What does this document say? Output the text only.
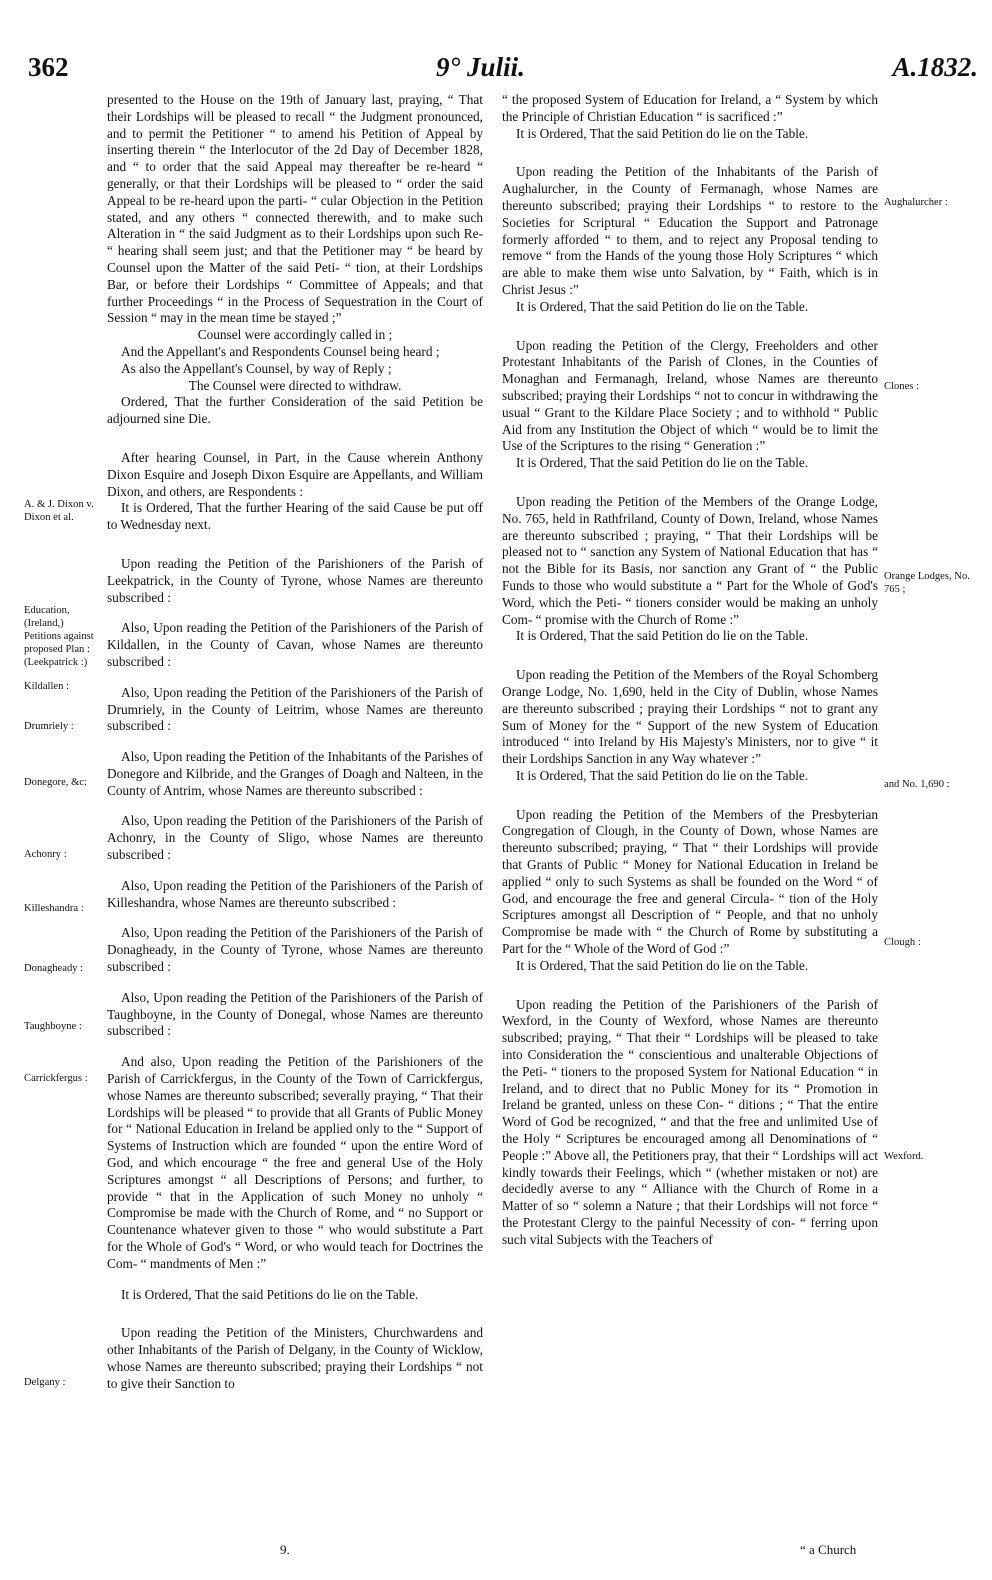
362	9° Julii.	A.1832.

presented to the House on the 19th of January last, praying, “ That their Lordships will be pleased to recall “ the Judgment pronounced, and to permit the Petitioner “ to amend his Petition of Appeal by inserting therein “ the Interlocutor of the 2d Day of December 1828, and “ to order that the said Appeal may thereafter be re-heard “ generally, or that their Lordships will be pleased to “ order the said Appeal to be re-heard upon the parti- “ cular Objection in the Petition stated, and any others “ connected therewith, and to make such Alteration in “ the said Judgment as to their Lordships upon such Re- “ hearing shall seem just; and that the Petitioner may “ be heard by Counsel upon the Matter of the said Peti- “ tion, at their Lordships Bar, or before their Lordships “ Committee of Appeals; and that further Proceedings “ in the Process of Sequestration in the Court of Session “ may in the mean time be stayed ;”

Counsel were accordingly called in ;

And the Appellant's and Respondents Counsel being heard ;

As also the Appellant's Counsel, by way of Reply ;

The Counsel were directed to withdraw.

Ordered, That the further Consideration of the said Petition be adjourned sine Die.

After hearing Counsel, in Part, in the Cause wherein Anthony Dixon Esquire and Joseph Dixon Esquire are Appellants, and William Dixon, and others, are Respondents :

It is Ordered, That the further Hearing of the said Cause be put off to Wednesday next.

Upon reading the Petition of the Parishioners of the Parish of Leekpatrick, in the County of Tyrone, whose Names are thereunto subscribed :

Also, Upon reading the Petition of the Parishioners of the Parish of Kildallen, in the County of Cavan, whose Names are thereunto subscribed :

Also, Upon reading the Petition of the Parishioners of the Parish of Drumriely, in the County of Leitrim, whose Names are thereunto subscribed :

Also, Upon reading the Petition of the Inhabitants of the Parishes of Donegore and Kilbride, and the Granges of Doagh and Nalteen, in the County of Antrim, whose Names are thereunto subscribed :

Also, Upon reading the Petition of the Parishioners of the Parish of Achonry, in the County of Sligo, whose Names are thereunto subscribed :

Also, Upon reading the Petition of the Parishioners of the Parish of Killeshandra, whose Names are thereunto subscribed :

Also, Upon reading the Petition of the Parishioners of the Parish of Donagheady, in the County of Tyrone, whose Names are thereunto subscribed :

Also, Upon reading the Petition of the Parishioners of the Parish of Taughboyne, in the County of Donegal, whose Names are thereunto subscribed :

And also, Upon reading the Petition of the Parishioners of the Parish of Carrickfergus, in the County of the Town of Carrickfergus, whose Names are thereunto subscribed; severally praying, “ That their Lordships will be pleased “ to provide that all Grants of Public Money for “ National Education in Ireland be applied only to the “ Support of Systems of Instruction which are founded “ upon the entire Word of God, and which encourage “ the free and general Use of the Holy Scriptures amongst “ all Descriptions of Persons; and further, to provide “ that in the Application of such Money no unholy “ Compromise be made with the Church of Rome, and “ no Support or Countenance whatever given to those “ who would substitute a Part for the Whole of God's “ Word, or who would teach for Doctrines the Com- “ mandments of Men :”

It is Ordered, That the said Petitions do lie on the Table.

Upon reading the Petition of the Ministers, Churchwardens and other Inhabitants of the Parish of Delgany, in the County of Wicklow, whose Names are thereunto subscribed; praying their Lordships “ not to give their Sanction to

“ the proposed System of Education for Ireland, a “ System by which the Principle of Christian Education “ is sacrificed :”

It is Ordered, That the said Petition do lie on the Table.

Upon reading the Petition of the Inhabitants of the Parish of Aughalurcher, in the County of Fermanagh, whose Names are thereunto subscribed; praying their Lordships “ to restore to the Societies for Scriptural “ Education the Support and Patronage formerly afforded “ to them, and to reject any Proposal tending to remove “ from the Hands of the young those Holy Scriptures “ which are able to make them wise unto Salvation, by “ Faith, which is in Christ Jesus :”

It is Ordered, That the said Petition do lie on the Table.

Upon reading the Petition of the Clergy, Freeholders and other Protestant Inhabitants of the Parish of Clones, in the Counties of Monaghan and Fermanagh, Ireland, whose Names are thereunto subscribed; praying their Lordships “ not to concur in withdrawing the usual “ Grant to the Kildare Place Society ; and to withhold “ Public Aid from any Institution the Object of which “ would be to limit the Use of the Scriptures to the rising “ Generation :”

It is Ordered, That the said Petition do lie on the Table.

Upon reading the Petition of the Members of the Orange Lodge, No. 765, held in Rathfriland, County of Down, Ireland, whose Names are thereunto subscribed ; praying, “ That their Lordships will be pleased not to “ sanction any System of National Education that has “ not the Bible for its Basis, nor sanction any Grant of “ the Public Funds to those who would substitute a “ Part for the Whole of God's Word, which the Peti- “ tioners consider would be making an unholy Com- “ promise with the Church of Rome :”

It is Ordered, That the said Petition do lie on the Table.

Upon reading the Petition of the Members of the Royal Schomberg Orange Lodge, No. 1,690, held in the City of Dublin, whose Names are thereunto subscribed ; praying their Lordships “ not to grant any Sum of Money for the “ Support of the new System of Education introduced “ into Ireland by His Majesty's Ministers, nor to give “ it their Lordships Sanction in any Way whatever :”

It is Ordered, That the said Petition do lie on the Table.

Upon reading the Petition of the Members of the Presbyterian Congregation of Clough, in the County of Down, whose Names are thereunto subscribed; praying, “ That “ their Lordships will provide that Grants of Public “ Money for National Education in Ireland be applied “ only to such Systems as shall be founded on the Word “ of God, and encourage the free and general Circula- “ tion of the Holy Scriptures amongst all Description of “ People, and that no unholy Compromise be made with “ the Church of Rome by substituting a Part for the “ Whole of the Word of God :”

It is Ordered, That the said Petition do lie on the Table.

Upon reading the Petition of the Parishioners of the Parish of Wexford, in the County of Wexford, whose Names are thereunto subscribed; praying, “ That their “ Lordships will be pleased to take into Consideration the “ conscientious and unalterable Objections of the Peti- “ tioners to the proposed System for National Education “ in Ireland, and to direct that no Public Money for its “ Promotion in Ireland be granted, unless on these Con- “ ditions ; “ That the entire Word of God be recognized, “ and that the free and unlimited Use of the Holy “ Scriptures be encouraged among all Denominations of “ People :” Above all, the Petitioners pray, that their “ Lordships will act kindly towards their Feelings, which “ (whether mistaken or not) are decidedly averse to any “ Alliance with the Church of Rome in a Matter of so “ solemn a Nature ; that their Lordships will not force “ the Protestant Clergy to the painful Necessity of con- “ ferring upon such vital Subjects with the Teachers of

A. & J. Dixon v. Dixon et al.
Education, (Ireland,) Petitions against proposed Plan : (Leekpatrick :)
Kildallen :
Drumriely :
Donegore, &c:
Achonry :
Killeshandra :
Donagheady :
Taughboyne :
Carrickfergus :
Delgany :
Aughalurcher :
Clones :
Orange Lodges, No. 765 ;
and No. 1,690 :
Clough :
Wexford.
9.	“ a Church
